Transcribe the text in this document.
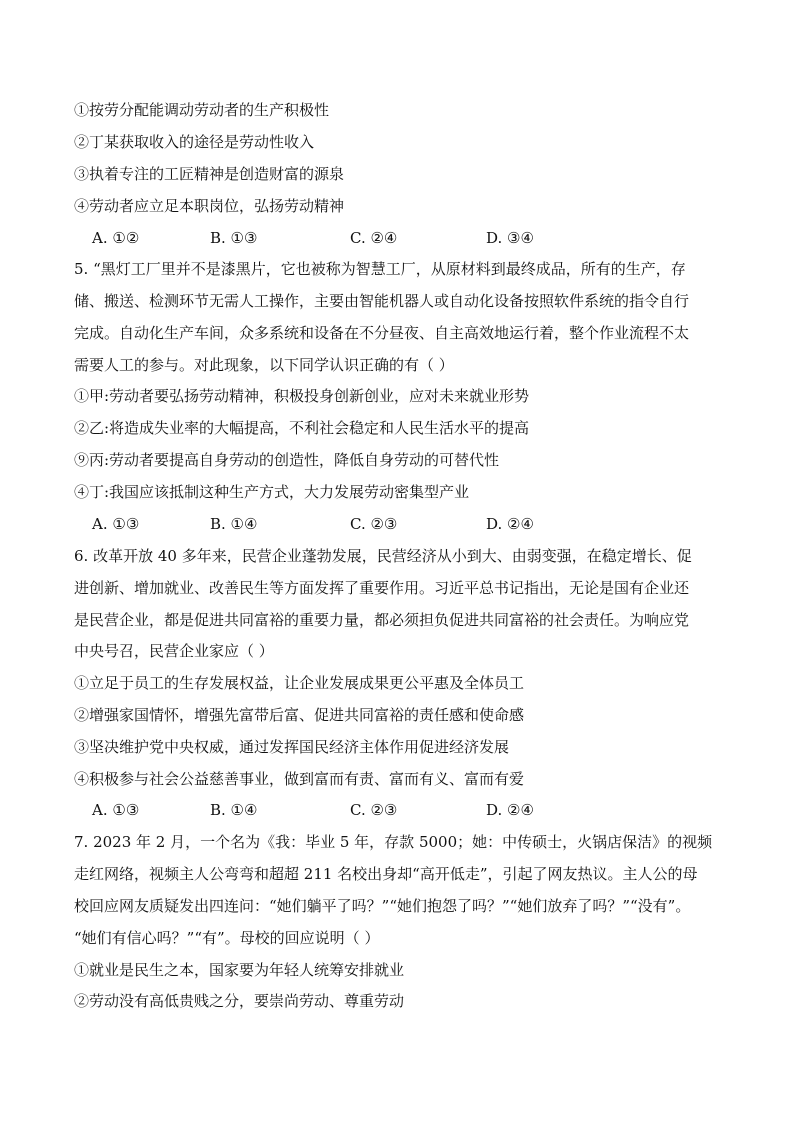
①按劳分配能调动劳动者的生产积极性
②丁某获取收入的途径是劳动性收入
③执着专注的工匠精神是创造财富的源泉
④劳动者应立足本职岗位，弘扬劳动精神
A. ①②	B. ①③	C. ②④	D. ③④
5. “黑灯工厂里并不是漆黑片，它也被称为智慧工厂，从原材料到最终成品，所有的生产，存
储、搬送、检测环节无需人工操作，主要由智能机器人或自动化设备按照软件系统的指令自行
完成。自动化生产车间，众多系统和设备在不分昼夜、自主高效地运行着，整个作业流程不太
需要人工的参与。对此现象，以下同学认识正确的有（ ）
①甲:劳动者要弘扬劳动精神，积极投身创新创业，应对未来就业形势
②乙:将造成失业率的大幅提高，不利社会稳定和人民生活水平的提高
⑨丙:劳动者要提高自身劳动的创造性，降低自身劳动的可替代性
④丁:我国应该抵制这种生产方式，大力发展劳动密集型产业
A. ①③	B. ①④	C. ②③	D. ②④
6. 改革开放 40 多年来，民营企业蓬勃发展，民营经济从小到大、由弱变强，在稳定增长、促
进创新、增加就业、改善民生等方面发挥了重要作用。习近平总书记指出，无论是国有企业还
是民营企业，都是促进共同富裕的重要力量，都必须担负促进共同富裕的社会责任。为响应党
中央号召，民营企业家应（ ）
①立足于员工的生存发展权益，让企业发展成果更公平惠及全体员工
②增强家国情怀，增强先富带后富、促进共同富裕的责任感和使命感
③坚决维护党中央权威，通过发挥国民经济主体作用促进经济发展
④积极参与社会公益慈善事业，做到富而有责、富而有义、富而有爱
A. ①③	B. ①④	C. ②③	D. ②④
7. 2023 年 2 月，一个名为《我：毕业 5 年，存款 5000；她：中传硕士，火锅店保洁》的视频
走红网络，视频主人公弯弯和超超 211 名校出身却“高开低走”，引起了网友热议。主人公的母
校回应网友质疑发出四连问：“她们躺平了吗？”“她们抱怨了吗？”“她们放弃了吗？”“没有”。
“她们有信心吗？”“有”。母校的回应说明（ ）
①就业是民生之本，国家要为年轻人统筹安排就业
②劳动没有高低贵贱之分，要崇尚劳动、尊重劳动
